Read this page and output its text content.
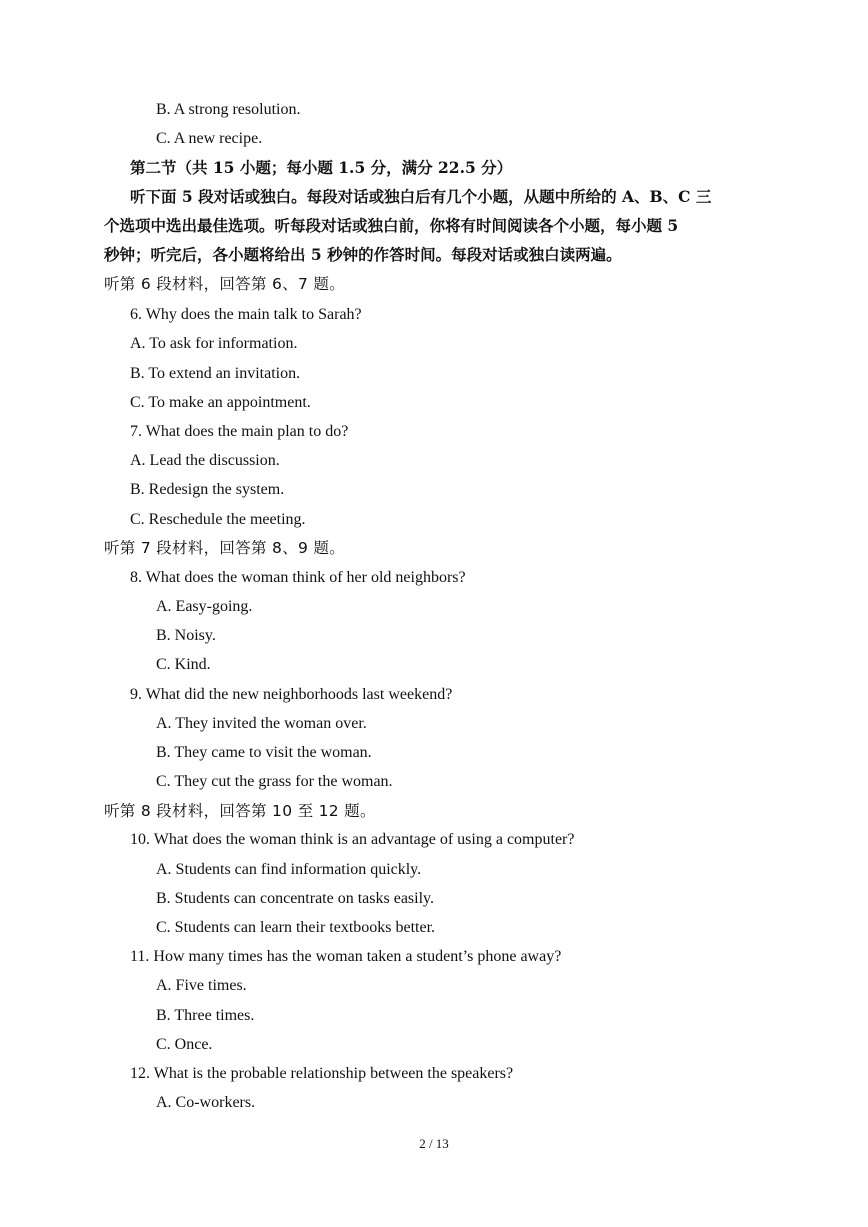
B. A strong resolution.
C. A new recipe.
第二节（共 15 小题；每小题 1.5 分，满分 22.5 分）
听下面 5 段对话或独白。每段对话或独白后有几个小题，从题中所给的 A、B、C 三
个选项中选出最佳选项。听每段对话或独白前，你将有时间阅读各个小题，每小题 5
秒钟；听完后，各小题将给出 5 秒钟的作答时间。每段对话或独白读两遍。
听第 6 段材料，回答第 6、7 题。
6. Why does the main talk to Sarah?
A. To ask for information.
B. To extend an invitation.
C. To make an appointment.
7. What does the main plan to do?
A. Lead the discussion.
B. Redesign the system.
C. Reschedule the meeting.
听第 7 段材料，回答第 8、9 题。
8. What does the woman think of her old neighbors?
A. Easy-going.
B. Noisy.
C. Kind.
9. What did the new neighborhoods last weekend?
A. They invited the woman over.
B. They came to visit the woman.
C. They cut the grass for the woman.
听第 8 段材料，回答第 10 至 12 题。
10. What does the woman think is an advantage of using a computer?
A. Students can find information quickly.
B. Students can concentrate on tasks easily.
C. Students can learn their textbooks better.
11. How many times has the woman taken a student’s phone away?
A. Five times.
B. Three times.
C. Once.
12. What is the probable relationship between the speakers?
A. Co-workers.
2 / 13
